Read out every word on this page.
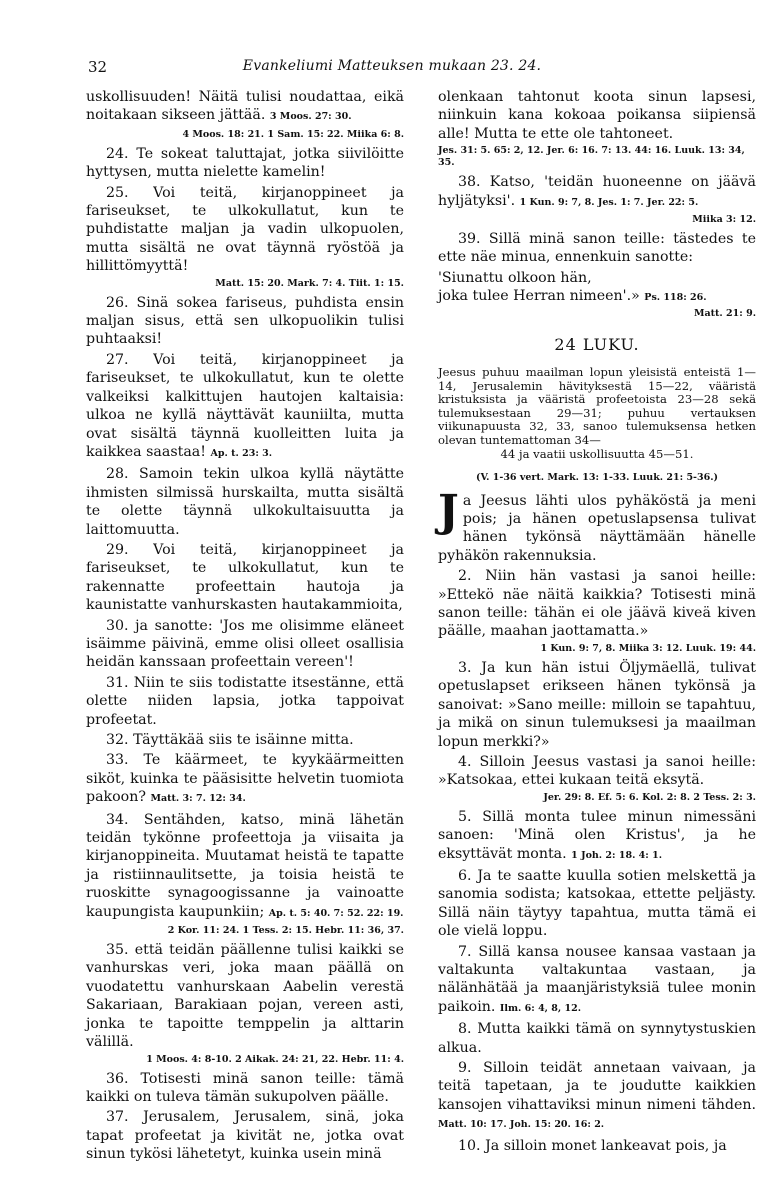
32	Evankeliumi Matteuksen mukaan 23. 24.

uskollisuuden! Näitä tulisi noudattaa, eikä noitakaan sikseen jättää. 3 Moos. 27: 30.

4 Moos. 18: 21. 1 Sam. 15: 22. Miika 6: 8.

24. Te sokeat taluttajat, jotka siivilöitte hyttysen, mutta nielette kamelin!

25. Voi teitä, kirjanoppineet ja fariseukset, te ulkokullatut, kun te puhdistatte maljan ja vadin ulkopuolen, mutta sisältä ne ovat täynnä ryöstöä ja hillittömyyttä!

Matt. 15: 20. Mark. 7: 4. Tiit. 1: 15.

26. Sinä sokea fariseus, puhdista ensin maljan sisus, että sen ulkopuolikin tulisi puhtaaksi!

27. Voi teitä, kirjanoppineet ja fariseukset, te ulkokullatut, kun te olette valkeiksi kalkittujen hautojen kaltaisia: ulkoa ne kyllä näyttävät kauniilta, mutta ovat sisältä täynnä kuolleitten luita ja kaikkea saastaa! Ap. t. 23: 3.

28. Samoin tekin ulkoa kyllä näytätte ihmisten silmissä hurskailta, mutta sisältä te olette täynnä ulkokultaisuutta ja laittomuutta.

29. Voi teitä, kirjanoppineet ja fariseukset, te ulkokullatut, kun te rakennatte profeettain hautoja ja kaunistatte vanhurskasten hautakammioita,

30. ja sanotte: 'Jos me olisimme eläneet isäimme päivinä, emme olisi olleet osallisia heidän kanssaan profeettain vereen'!

31. Niin te siis todistatte itsestänne, että olette niiden lapsia, jotka tappoivat profeetat.

32. Täyttäkää siis te isäinne mitta.

33. Te käärmeet, te kyykäärmeitten siköt, kuinka te pääsisitte helvetin tuomiota pakoon? Matt. 3: 7. 12: 34.

34. Sentähden, katso, minä lähetän teidän tykönne profeettoja ja viisaita ja kirjanoppineita. Muutamat heistä te tapatte ja ristiinnaulitsette, ja toisia heistä te ruoskitte synagoogissanne ja vainoatte kaupungista kaupunkiin; Ap. t. 5: 40. 7: 52. 22: 19.

2 Kor. 11: 24. 1 Tess. 2: 15. Hebr. 11: 36, 37.

35. että teidän päällenne tulisi kaikki se vanhurskas veri, joka maan päällä on vuodatettu vanhurskaan Aabelin verestä Sakariaan, Barakiaan pojan, vereen asti, jonka te tapoitte temppelin ja alttarin välillä.

1 Moos. 4: 8-10. 2 Aikak. 24: 21, 22. Hebr. 11: 4.

36. Totisesti minä sanon teille: tämä kaikki on tuleva tämän sukupolven päälle.

37. Jerusalem, Jerusalem, sinä, joka tapat profeetat ja kivität ne, jotka ovat sinun tykösi lähetetyt, kuinka usein minä

olenkaan tahtonut koota sinun lapsesi, niinkuin kana kokoaa poikansa siipiensä alle! Mutta te ette ole tahtoneet.

Jes. 31: 5. 65: 2, 12. Jer. 6: 16. 7: 13. 44: 16. Luuk. 13: 34, 35.

38. Katso, 'teidän huoneenne on jäävä hyljätyksi'. 1 Kun. 9: 7, 8. Jes. 1: 7. Jer. 22: 5.

Miika 3: 12.

39. Sillä minä sanon teille: tästedes te ette näe minua, ennenkuin sanotte:

'Siunattu olkoon hän,

joka tulee Herran nimeen'.» Ps. 118: 26.

Matt. 21: 9.
24 LUKU.

Jeesus puhuu maailman lopun yleisistä enteistä 1—14, Jerusalemin hävityksestä 15—22, vääristä kristuksista ja vääristä profeetoista 23—28 sekä tulemuksestaan 29—31; puhuu vertauksen viikunapuusta 32, 33, sanoo tulemuksensa hetken olevan tuntemattoman 34—
44 ja vaatii uskollisuutta 45—51.

(V. 1-36 vert. Mark. 13: 1-33. Luuk. 21: 5-36.)

Ja Jeesus lähti ulos pyhäköstä ja meni pois; ja hänen opetuslapsensa tulivat hänen tykönsä näyttämään hänelle pyhäkön rakennuksia.

2. Niin hän vastasi ja sanoi heille: »Ettekö näe näitä kaikkia? Totisesti minä sanon teille: tähän ei ole jäävä kiveä kiven päälle, maahan jaottamatta.»

1 Kun. 9: 7, 8. Miika 3: 12. Luuk. 19: 44.

3. Ja kun hän istui Öljymäellä, tulivat opetuslapset erikseen hänen tykönsä ja sanoivat: »Sano meille: milloin se tapahtuu, ja mikä on sinun tulemuksesi ja maailman lopun merkki?»

4. Silloin Jeesus vastasi ja sanoi heille: »Katsokaa, ettei kukaan teitä eksytä.

Jer. 29: 8. Ef. 5: 6. Kol. 2: 8. 2 Tess. 2: 3.

5. Sillä monta tulee minun nimessäni sanoen: 'Minä olen Kristus', ja he eksyttävät monta. 1 Joh. 2: 18. 4: 1.

6. Ja te saatte kuulla sotien melskettä ja sanomia sodista; katsokaa, ettette peljästy. Sillä näin täytyy tapahtua, mutta tämä ei ole vielä loppu.

7. Sillä kansa nousee kansaa vastaan ja valtakunta valtakuntaa vastaan, ja nälänhätää ja maanjäristyksiä tulee monin paikoin. Ilm. 6: 4, 8, 12.

8. Mutta kaikki tämä on synnytystuskien alkua.

9. Silloin teidät annetaan vaivaan, ja teitä tapetaan, ja te joudutte kaikkien kansojen vihattaviksi minun nimeni tähden. Matt. 10: 17. Joh. 15: 20. 16: 2.

10. Ja silloin monet lankeavat pois, ja
